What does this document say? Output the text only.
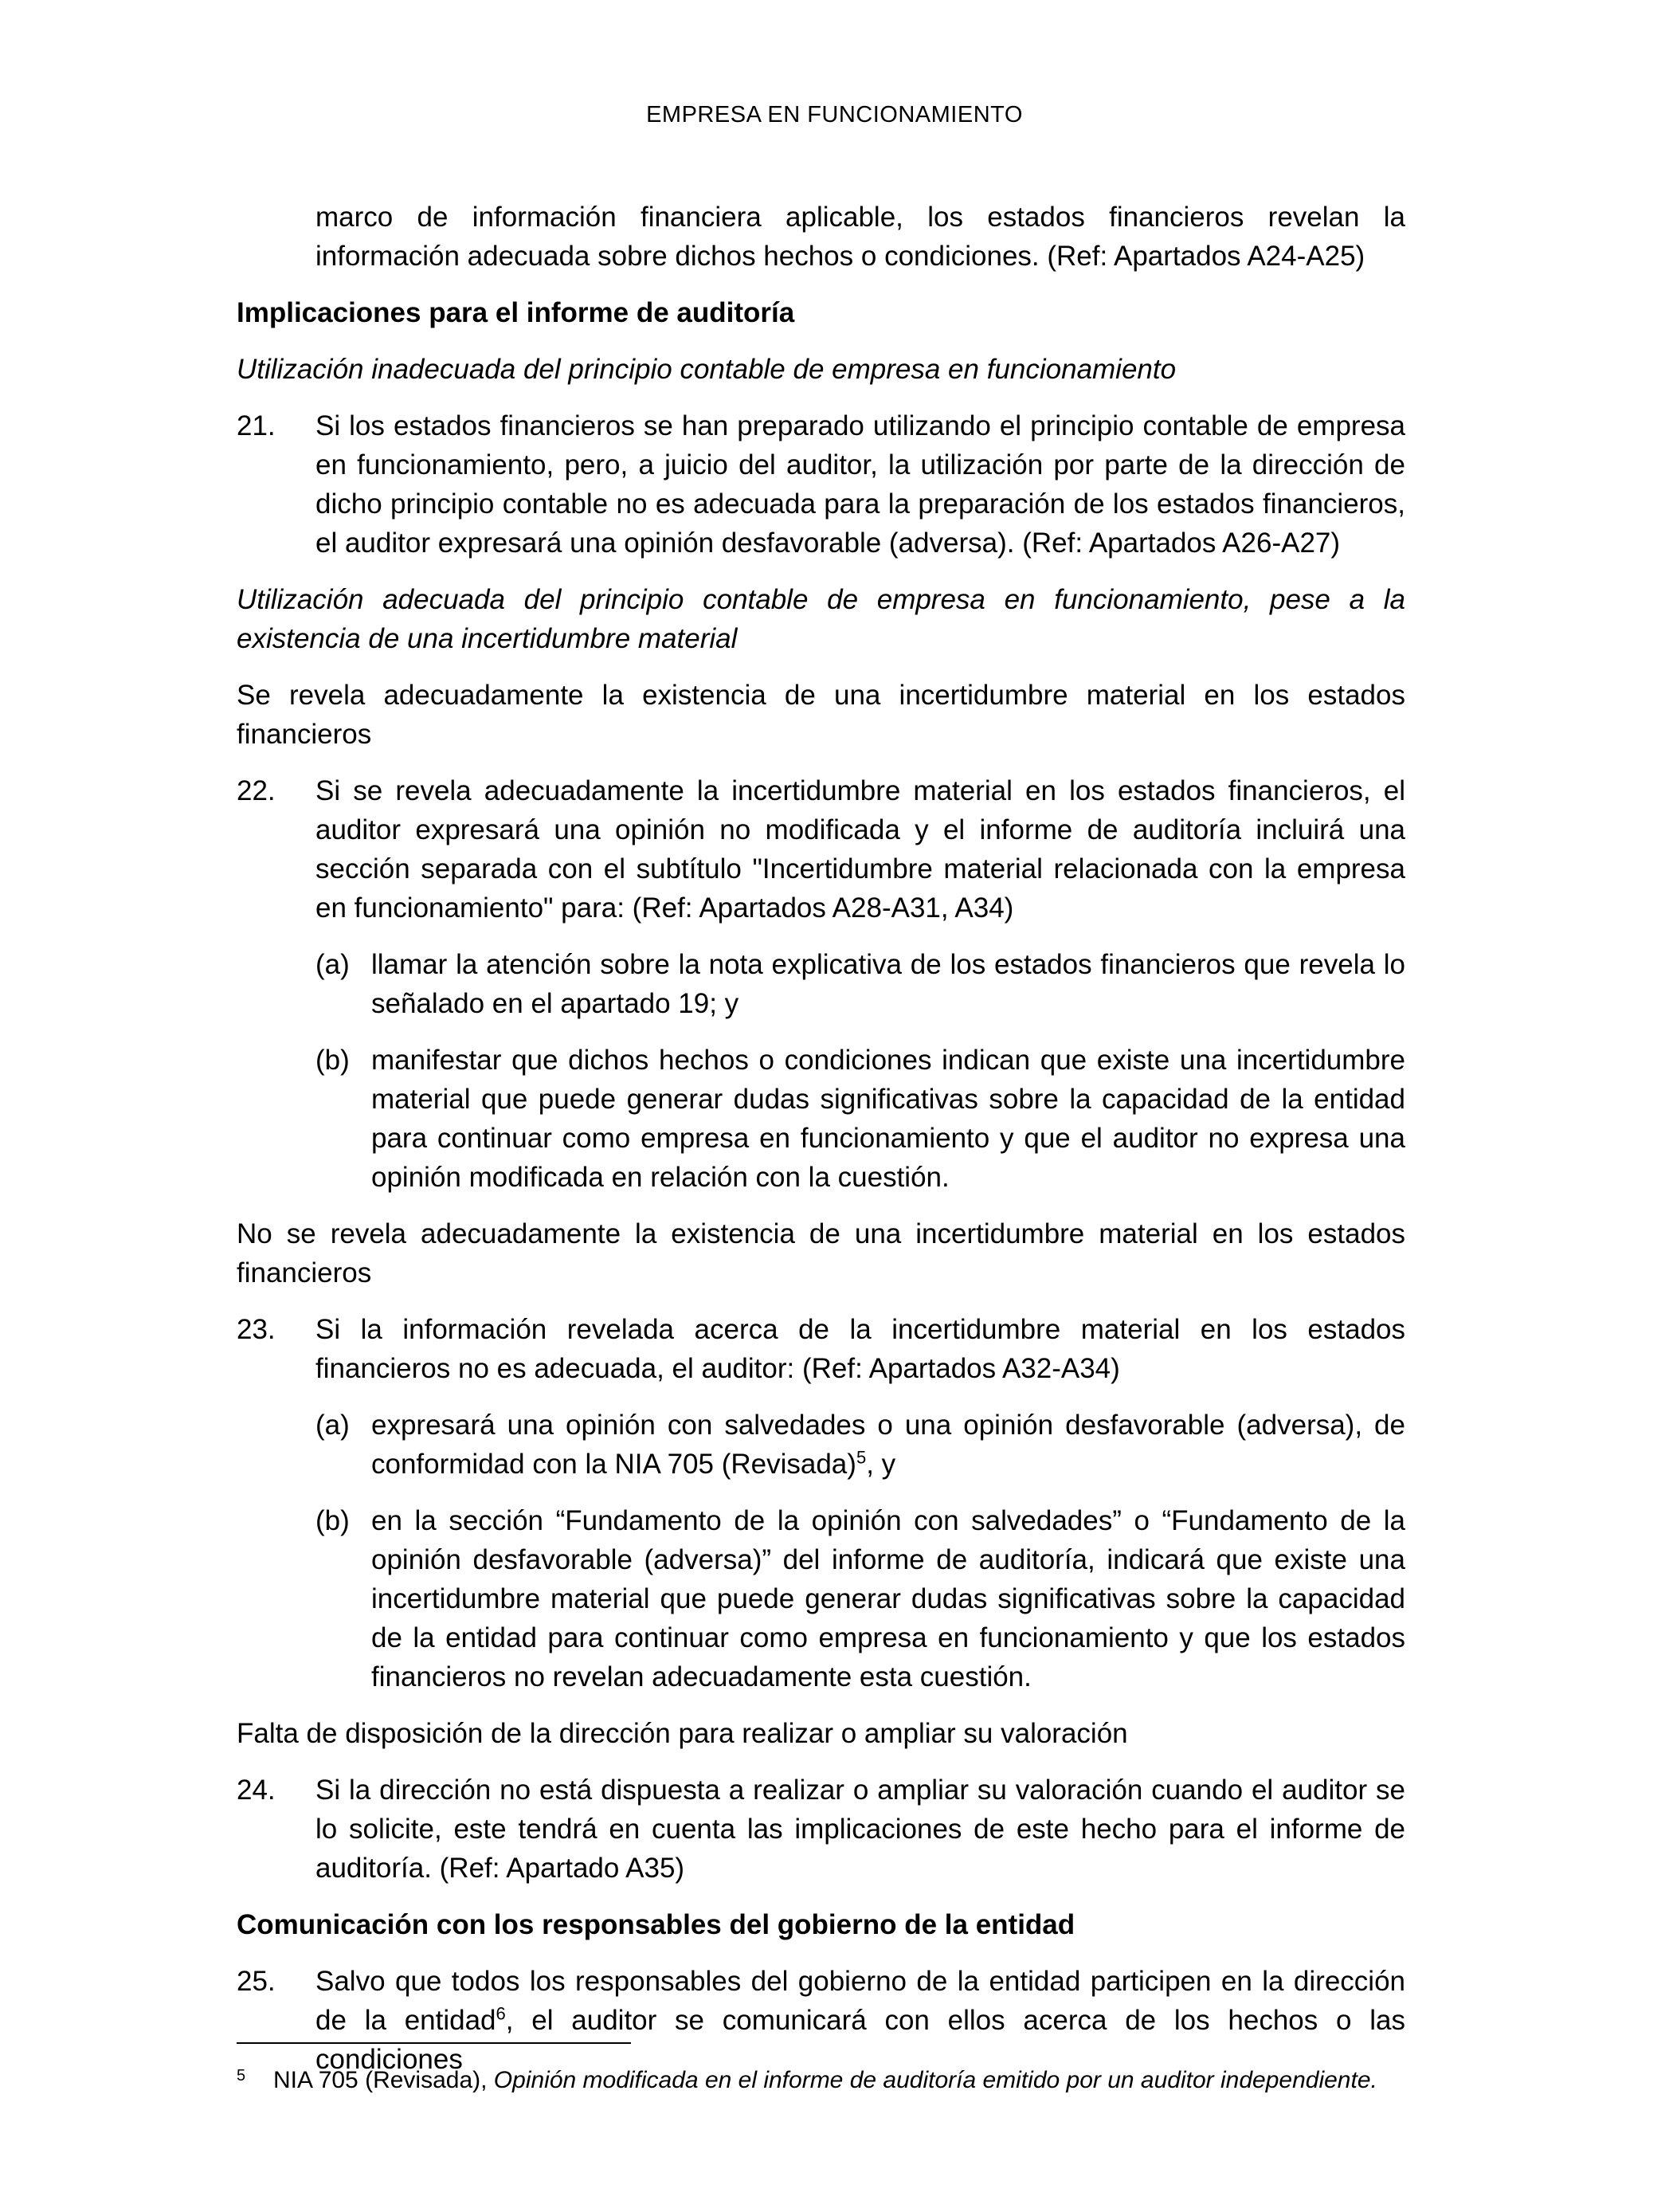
EMPRESA EN FUNCIONAMIENTO

marco de información financiera aplicable, los estados financieros revelan la información adecuada sobre dichos hechos o condiciones. (Ref: Apartados A24-A25)

Implicaciones para el informe de auditoría

Utilización inadecuada del principio contable de empresa en funcionamiento

21.	Si los estados financieros se han preparado utilizando el principio contable de empresa en funcionamiento, pero, a juicio del auditor, la utilización por parte de la dirección de dicho principio contable no es adecuada para la preparación de los estados financieros, el auditor expresará una opinión desfavorable (adversa). (Ref: Apartados A26-A27)

Utilización adecuada del principio contable de empresa en funcionamiento, pese a la existencia de una incertidumbre material

Se revela adecuadamente la existencia de una incertidumbre material en los estados financieros

22.	Si se revela adecuadamente la incertidumbre material en los estados financieros, el auditor expresará una opinión no modificada y el informe de auditoría incluirá una sección separada con el subtítulo "Incertidumbre material relacionada con la empresa en funcionamiento" para: (Ref: Apartados A28-A31, A34)
(a) llamar la atención sobre la nota explicativa de los estados financieros que revela lo señalado en el apartado 19; y
(b) manifestar que dichos hechos o condiciones indican que existe una incertidumbre material que puede generar dudas significativas sobre la capacidad de la entidad para continuar como empresa en funcionamiento y que el auditor no expresa una opinión modificada en relación con la cuestión.

No se revela adecuadamente la existencia de una incertidumbre material en los estados financieros

23.	Si la información revelada acerca de la incertidumbre material en los estados financieros no es adecuada, el auditor: (Ref: Apartados A32-A34)
(a) expresará una opinión con salvedades o una opinión desfavorable (adversa), de conformidad con la NIA 705 (Revisada)$^5$, y
(b) en la sección “Fundamento de la opinión con salvedades” o “Fundamento de la opinión desfavorable (adversa)” del informe de auditoría, indicará que existe una incertidumbre material que puede generar dudas significativas sobre la capacidad de la entidad para continuar como empresa en funcionamiento y que los estados financieros no revelan adecuadamente esta cuestión.

Falta de disposición de la dirección para realizar o ampliar su valoración

24.	Si la dirección no está dispuesta a realizar o ampliar su valoración cuando el auditor se lo solicite, este tendrá en cuenta las implicaciones de este hecho para el informe de auditoría. (Ref: Apartado A35)

Comunicación con los responsables del gobierno de la entidad

25.	Salvo que todos los responsables del gobierno de la entidad participen en la dirección de la entidad$^6$, el auditor se comunicará con ellos acerca de los hechos o las condiciones
5	NIA 705 (Revisada), Opinión modificada en el informe de auditoría emitido por un auditor independiente.
